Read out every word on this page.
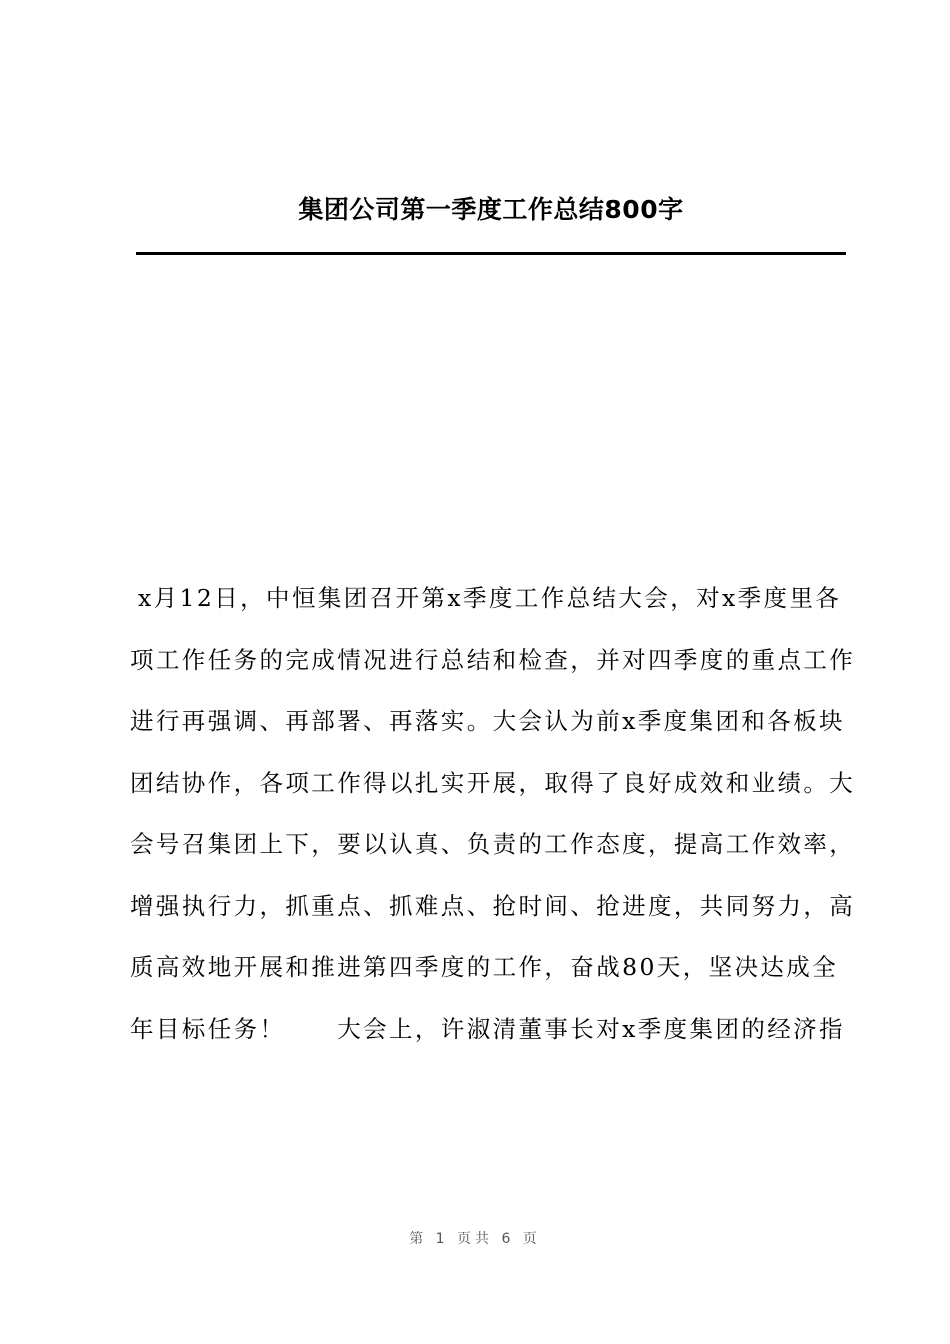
集团公司第一季度工作总结800字
x月12日，中恒集团召开第x季度工作总结大会，对x季度里各
项工作任务的完成情况进行总结和检查，并对四季度的重点工作
进行再强调、再部署、再落实。大会认为前x季度集团和各板块
团结协作，各项工作得以扎实开展，取得了良好成效和业绩。大
会号召集团上下，要以认真、负责的工作态度，提高工作效率，
增强执行力，抓重点、抓难点、抢时间、抢进度，共同努力，高
质高效地开展和推进第四季度的工作，奋战80天，坚决达成全
年目标任务！　　大会上，许淑清董事长对x季度集团的经济指
第 1 页共 6 页
